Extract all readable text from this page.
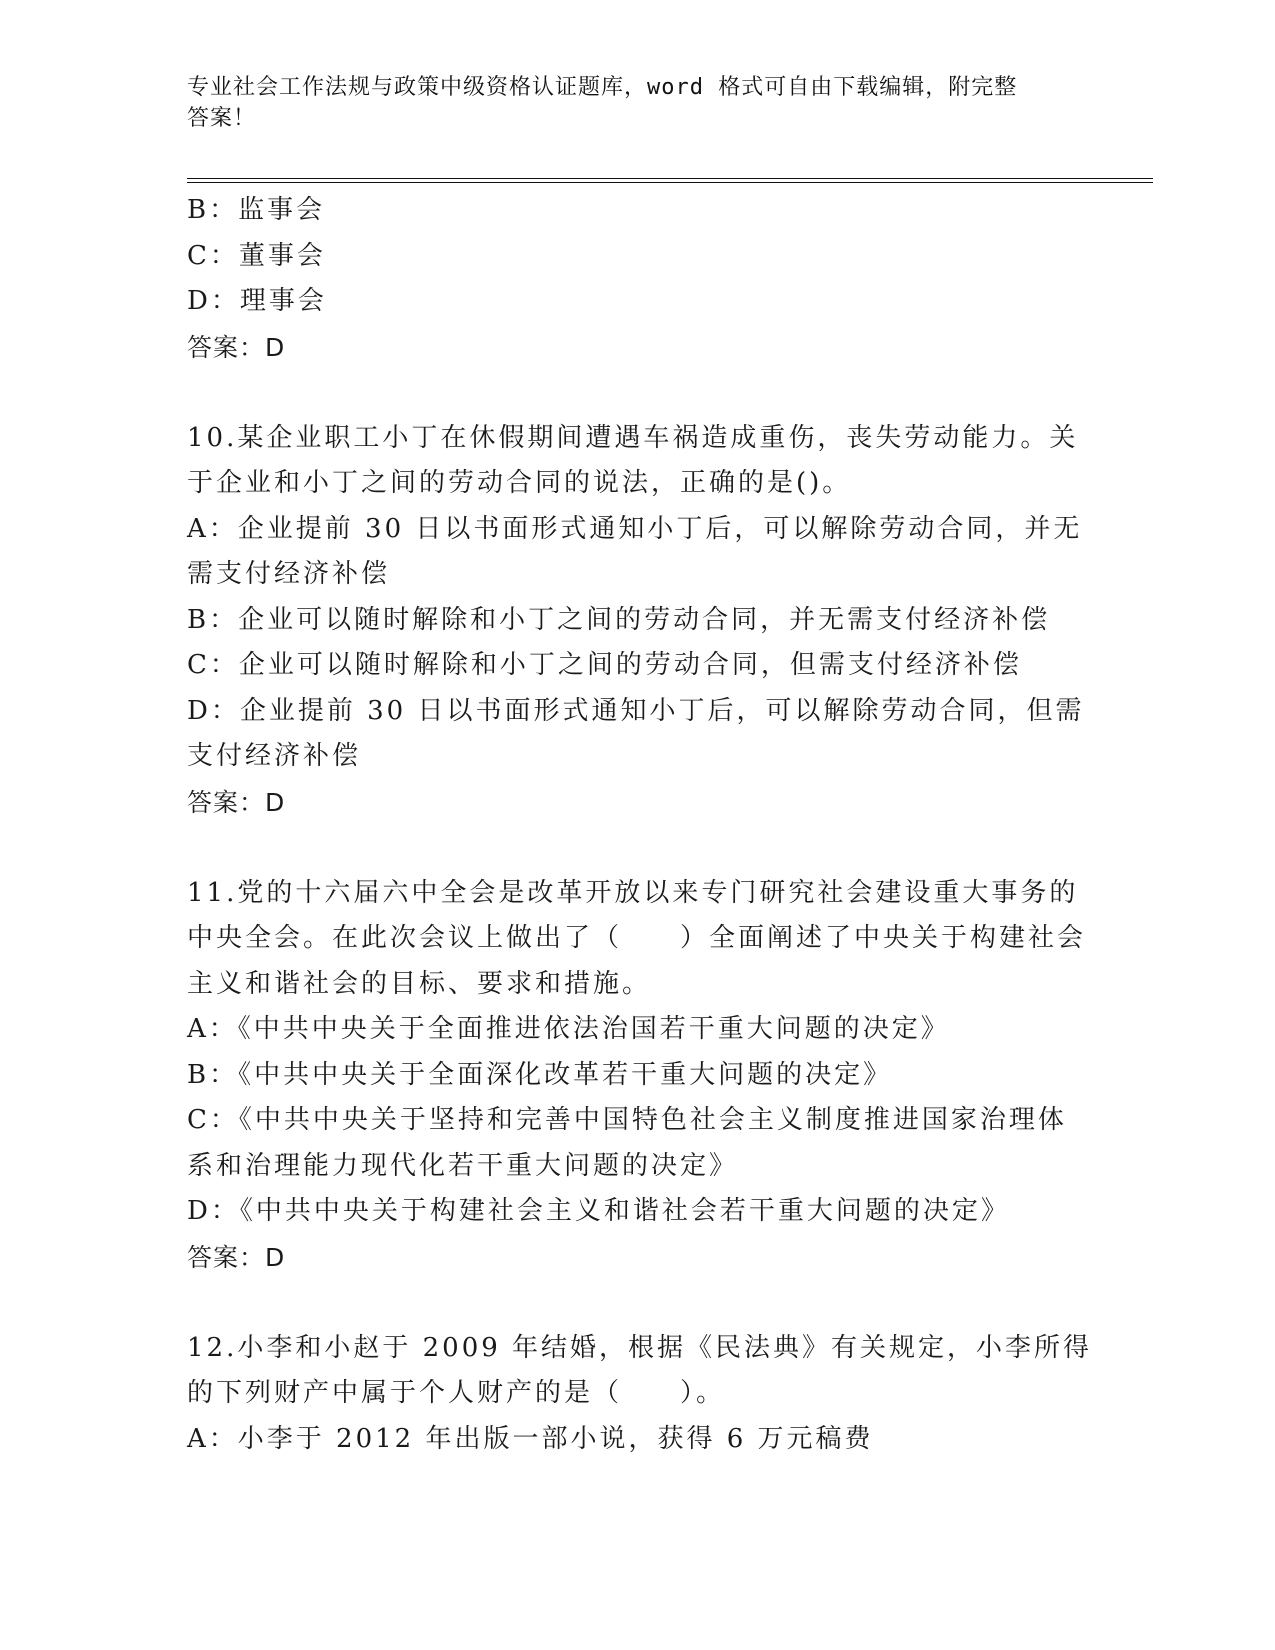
专业社会工作法规与政策中级资格认证题库，word 格式可自由下载编辑，附完整
答案！
B：监事会
C：董事会
D：理事会
答案：D
10.某企业职工小丁在休假期间遭遇车祸造成重伤，丧失劳动能力。关
于企业和小丁之间的劳动合同的说法，正确的是()。
A：企业提前 30 日以书面形式通知小丁后，可以解除劳动合同，并无
需支付经济补偿
B：企业可以随时解除和小丁之间的劳动合同，并无需支付经济补偿
C：企业可以随时解除和小丁之间的劳动合同，但需支付经济补偿
D：企业提前 30 日以书面形式通知小丁后，可以解除劳动合同，但需
支付经济补偿
答案：D
11.党的十六届六中全会是改革开放以来专门研究社会建设重大事务的
中央全会。在此次会议上做出了（　　）全面阐述了中央关于构建社会
主义和谐社会的目标、要求和措施。
A：《中共中央关于全面推进依法治国若干重大问题的决定》
B：《中共中央关于全面深化改革若干重大问题的决定》
C：《中共中央关于坚持和完善中国特色社会主义制度推进国家治理体
系和治理能力现代化若干重大问题的决定》
D：《中共中央关于构建社会主义和谐社会若干重大问题的决定》
答案：D
12.小李和小赵于 2009 年结婚，根据《民法典》有关规定，小李所得
的下列财产中属于个人财产的是（　　）。
A：小李于 2012 年出版一部小说，获得 6 万元稿费
